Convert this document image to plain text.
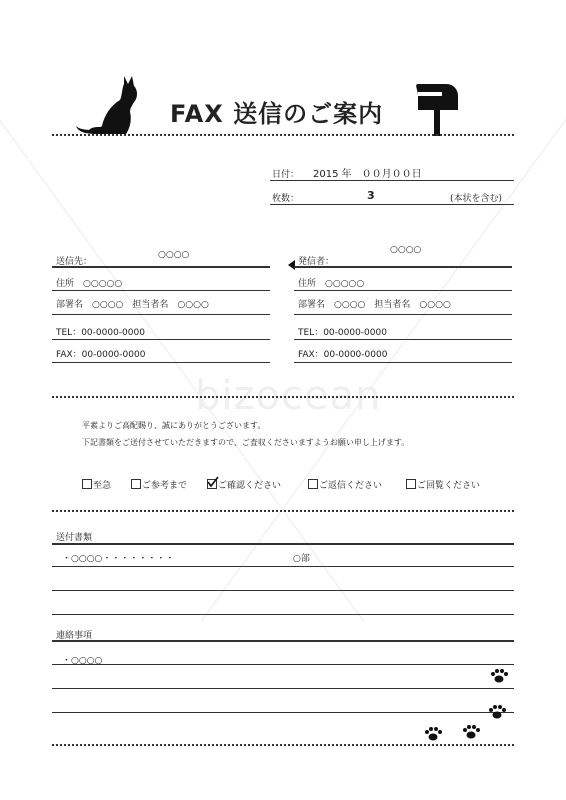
bizocean
FAX 送信のご案内
日付： 2015 年　００月００日
枚数：	3	(本状を含む)
送信先：
○○○○
住所　○○○○○
部署名　○○○○　担当者名　○○○○
TEL：00-0000-0000
FAX：00-0000-0000
発信者：
○○○○
住所　○○○○○
部署名　○○○○　担当者名　○○○○
TEL：00-0000-0000
FAX：00-0000-0000
平素よりご高配賜り、誠にありがとうございます。
下記書類をご送付させていただきますので、ご査収くださいますようお願い申し上げます。
至急	ご参考まで	ご確認ください	ご返信ください	ご回覧ください
送付書類
・○○○○・・・・・・・・	○部
連絡事項
・○○○○
